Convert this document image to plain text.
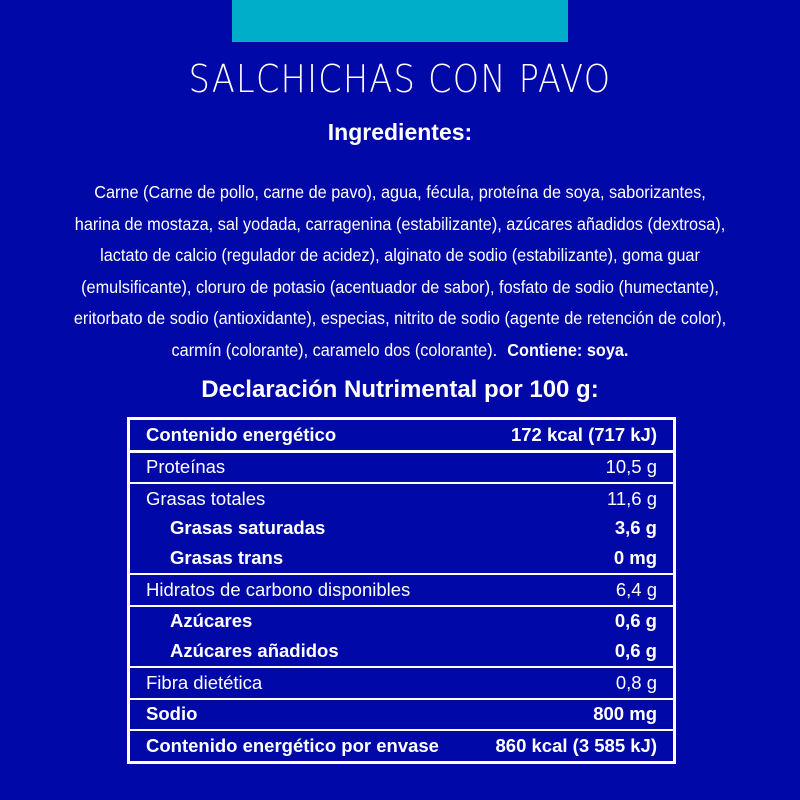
SALCHICHAS CON PAVO
Ingredientes:
Carne (Carne de pollo, carne de pavo), agua, fécula, proteína de soya, saborizantes,
harina de mostaza, sal yodada, carragenina (estabilizante), azúcares añadidos (dextrosa),
lactato de calcio (regulador de acidez), alginato de sodio (estabilizante), goma guar
(emulsificante), cloruro de potasio (acentuador de sabor), fosfato de sodio (humectante),
eritorbato de sodio (antioxidante), especias, nitrito de sodio (agente de retención de color),
carmín (colorante), caramelo dos (colorante). Contiene: soya.
Declaración Nutrimental por 100 g:
Contenido energético	172 kcal (717 kJ)
Proteínas	10,5 g
Grasas totales	11,6 g
Grasas saturadas	3,6 g
Grasas trans	0 mg
Hidratos de carbono disponibles	6,4 g
Azúcares	0,6 g
Azúcares añadidos	0,6 g
Fibra dietética	0,8 g
Sodio	800 mg
Contenido energético por envase	860 kcal (3 585 kJ)
